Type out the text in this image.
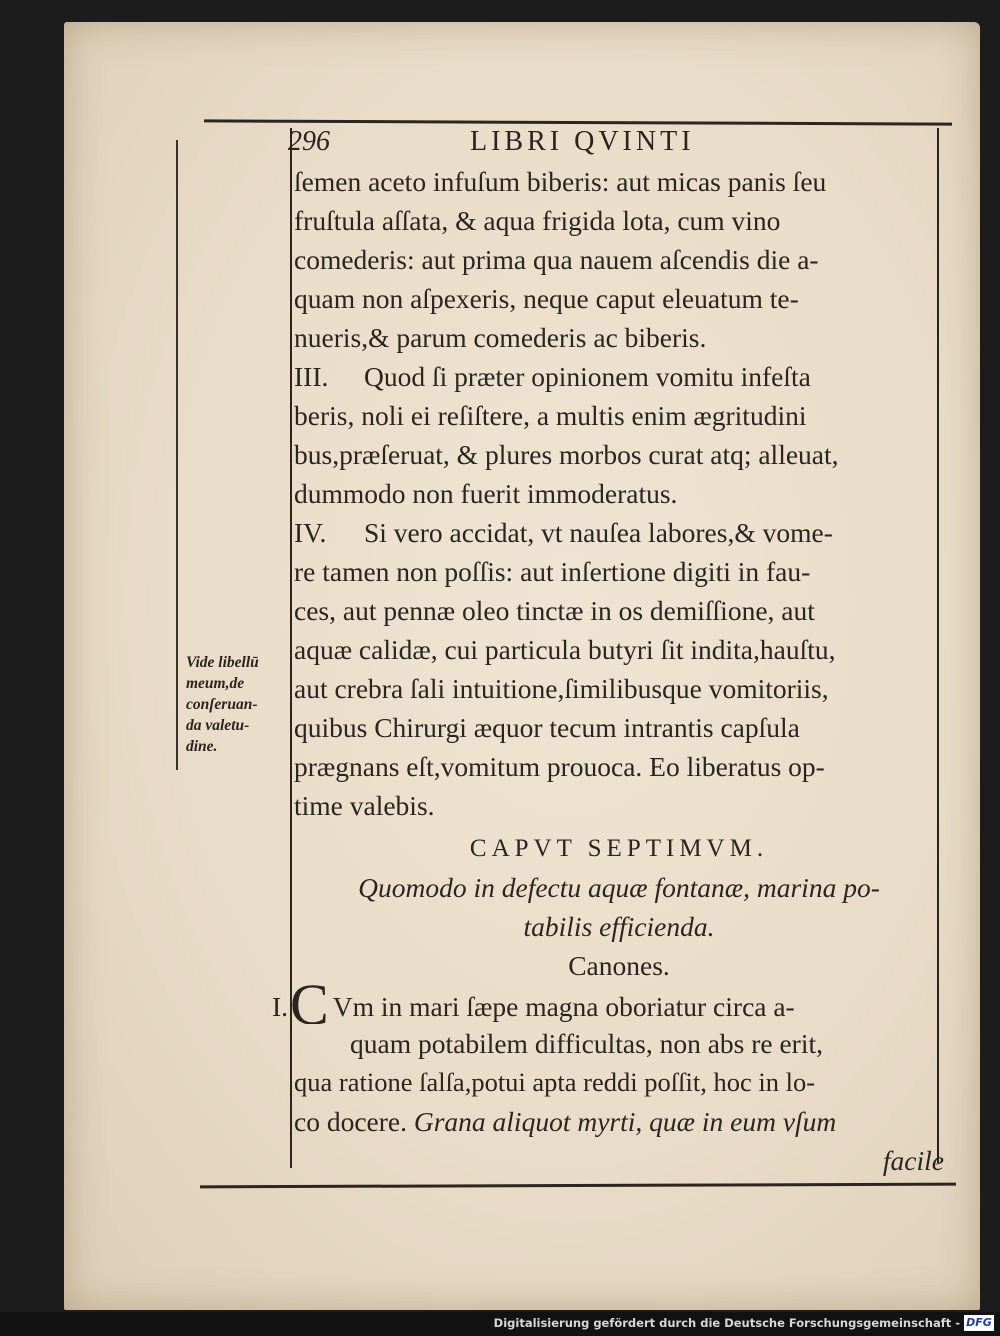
296	LIBRI QVINTI
ſemen aceto infuſum biberis: aut micas panis ſeu
fruſtula aſſata, & aqua frigida lota, cum vino
comederis: aut prima qua nauem aſcendis die a-
quam non aſpexeris, neque caput eleuatum te-
nueris,& parum comederis ac biberis.
III. Quod ſi præter opinionem vomitu infeſta
beris, noli ei reſiſtere, a multis enim ægritudini
bus,præſeruat, & plures morbos curat atq; alleuat,
dummodo non fuerit immoderatus.
IV. Si vero accidat, vt nauſea labores,& vome-
re tamen non poſſis: aut inſertione digiti in fau-
ces, aut pennæ oleo tinctæ in os demiſſione, aut
aquæ calidæ, cui particula butyri ſit indita,hauſtu,
aut crebra ſali intuitione,ſimilibusque vomitoriis,
quibus Chirurgi æquor tecum intrantis capſula
prægnans eſt,vomitum prouoca. Eo liberatus op-
time valebis.
CAPVT SEPTIMVM.
Quomodo in defectu aquæ fontanæ, marina po-
tabilis efficienda.
Canones.
I.C Vm in mari ſæpe magna oboriatur circa a-
quam potabilem difficultas, non abs re erit,
qua ratione ſalſa,potui apta reddi poſſit, hoc in lo-
co docere. Grana aliquot myrti, quæ in eum vſum
facile
Vide libellū
meum,de
conſeruan-
da valetu-
dine.
Digitalisierung gefördert durch die Deutsche Forschungsgemeinschaft - DFG
